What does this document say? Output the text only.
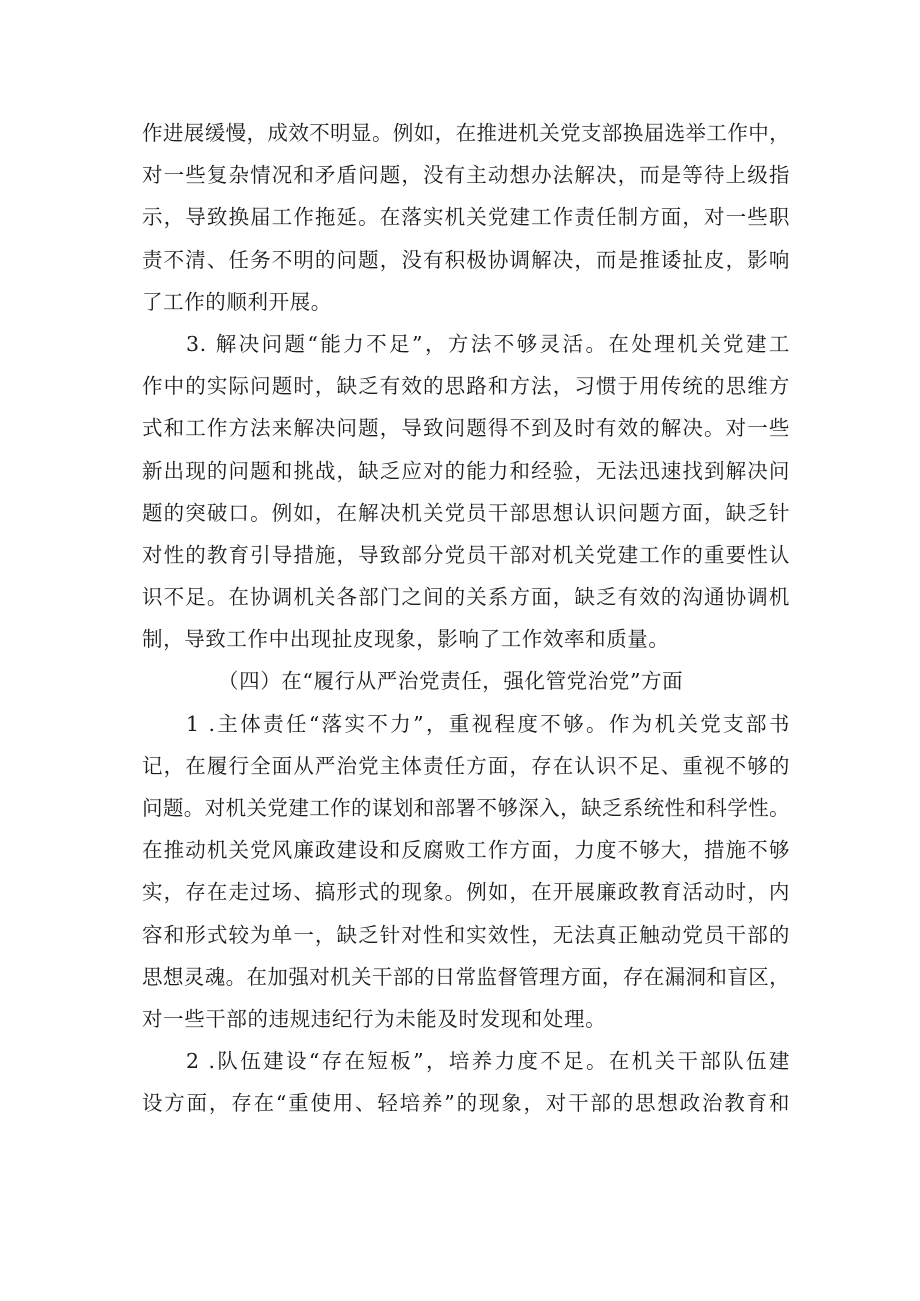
作进展缓慢，成效不明显。例如，在推进机关党支部换届选举工作中，
对一些复杂情况和矛盾问题，没有主动想办法解决，而是等待上级指
示，导致换届工作拖延。在落实机关党建工作责任制方面，对一些职
责不清、任务不明的问题，没有积极协调解决，而是推诿扯皮，影响
了工作的顺利开展。
3. 解决问题“能力不足”，方法不够灵活。在处理机关党建工
作中的实际问题时，缺乏有效的思路和方法，习惯于用传统的思维方
式和工作方法来解决问题，导致问题得不到及时有效的解决。对一些
新出现的问题和挑战，缺乏应对的能力和经验，无法迅速找到解决问
题的突破口。例如，在解决机关党员干部思想认识问题方面，缺乏针
对性的教育引导措施，导致部分党员干部对机关党建工作的重要性认
识不足。在协调机关各部门之间的关系方面，缺乏有效的沟通协调机
制，导致工作中出现扯皮现象，影响了工作效率和质量。
（四）在“履行从严治党责任，强化管党治党”方面
1 .主体责任“落实不力”，重视程度不够。作为机关党支部书
记，在履行全面从严治党主体责任方面，存在认识不足、重视不够的
问题。对机关党建工作的谋划和部署不够深入，缺乏系统性和科学性。
在推动机关党风廉政建设和反腐败工作方面，力度不够大，措施不够
实，存在走过场、搞形式的现象。例如，在开展廉政教育活动时，内
容和形式较为单一，缺乏针对性和实效性，无法真正触动党员干部的
思想灵魂。在加强对机关干部的日常监督管理方面，存在漏洞和盲区，
对一些干部的违规违纪行为未能及时发现和处理。
2 .队伍建设“存在短板”，培养力度不足。在机关干部队伍建
设方面，存在“重使用、轻培养”的现象，对干部的思想政治教育和
